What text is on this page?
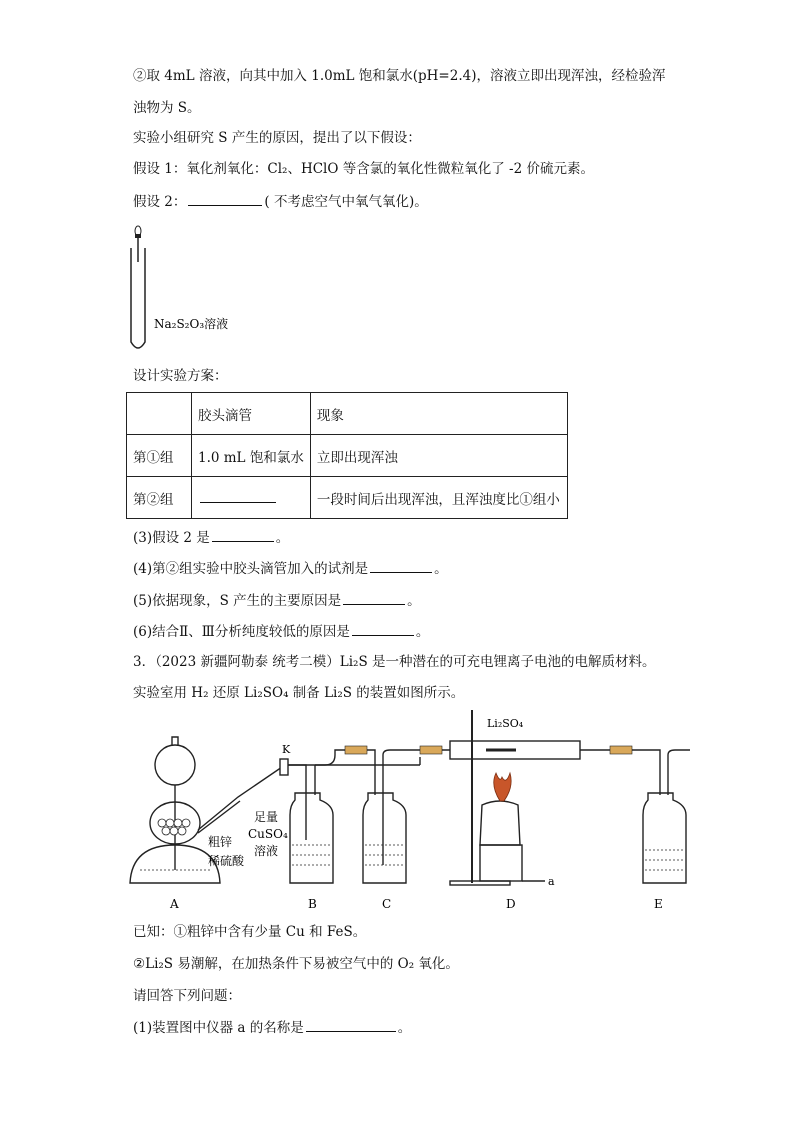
②取 4mL 溶液，向其中加入 1.0mL 饱和氯水(pH=2.4)，溶液立即出现浑浊，经检验浑
浊物为 S。
实验小组研究 S 产生的原因，提出了以下假设：
假设 1：氧化剂氧化：Cl₂、HClO 等含氯的氧化性微粒氧化了 -2 价硫元素。
假设 2：	( 不考虑空气中氧气氧化)。
Na₂S₂O₃溶液
设计实验方案：
	胶头滴管	现象
第①组	1.0 mL 饱和氯水	立即出现浑浊
第②组		一段时间后出现浑浊，且浑浊度比①组小
(3)假设 2 是	。
(4)第②组实验中胶头滴管加入的试剂是	。
(5)依据现象，S 产生的主要原因是	。
(6)结合Ⅱ、Ⅲ分析纯度较低的原因是	。
3．（2023 新疆阿勒泰 统考二模）Li₂S 是一种潜在的可充电锂离子电池的电解质材料。
实验室用 H₂ 还原 Li₂SO₄ 制备 Li₂S 的装置如图所示。
K
Li₂SO₄
粗锌
稀硫酸
足量
CuSO₄
溶液
a
A	B	C	D	E
已知：①粗锌中含有少量 Cu 和 FeS。
②Li₂S 易潮解，在加热条件下易被空气中的 O₂ 氧化。
请回答下列问题：
(1)装置图中仪器 a 的名称是	。
